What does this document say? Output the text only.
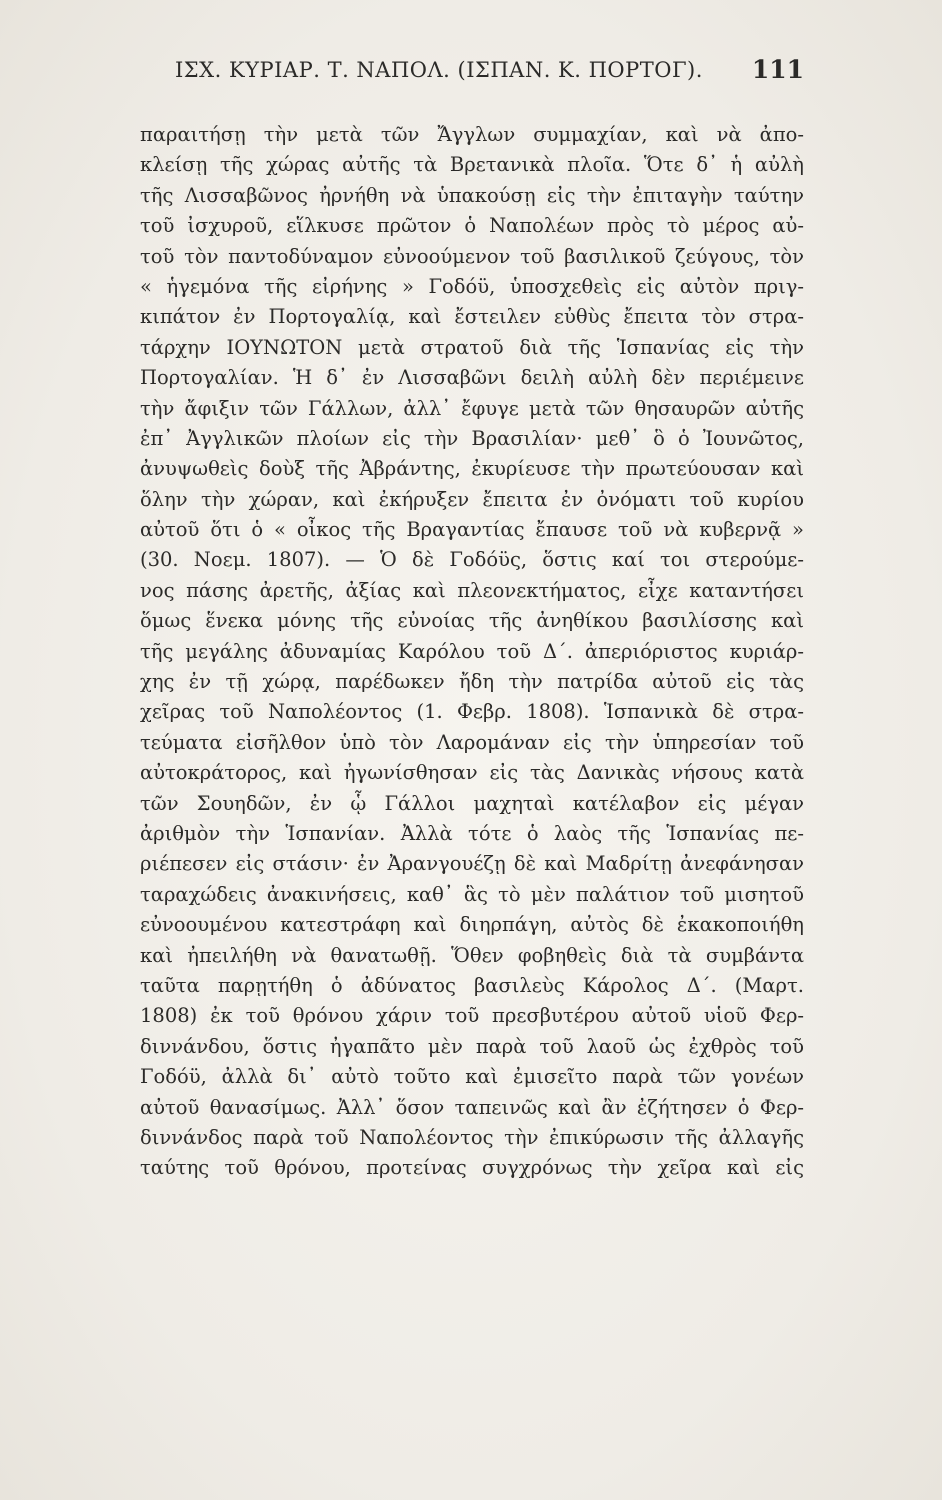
ΙΣΧ. ΚΥΡΙΑΡ. Τ. ΝΑΠΟΛ. (ΙΣΠΑΝ. Κ. ΠΟΡΤΟΓ). 111
παραιτήσῃ τὴν μετὰ τῶν Ἄγγλων συμμαχίαν, καὶ νὰ ἀπο-
κλείσῃ τῆς χώρας αὐτῆς τὰ Βρετανικὰ πλοῖα. Ὅτε δ᾽ ἡ αὐλὴ
τῆς Λισσαβῶνος ἠρνήθη νὰ ὑπακούσῃ εἰς τὴν ἐπιταγὴν ταύτην
τοῦ ἰσχυροῦ, εἵλκυσε πρῶτον ὁ Ναπολέων πρὸς τὸ μέρος αὐ-
τοῦ τὸν παντοδύναμον εὐνοούμενον τοῦ βασιλικοῦ ζεύγους, τὸν
« ἡγεμόνα τῆς εἰρήνης » Γοδόϋ, ὑποσχεθεὶς εἰς αὐτὸν πριγ-
κιπάτον ἐν Πορτογαλίᾳ, καὶ ἔστειλεν εὐθὺς ἔπειτα τὸν στρα-
τάρχην ΙΟΥΝΩΤΟΝ μετὰ στρατοῦ διὰ τῆς Ἱσπανίας εἰς τὴν
Πορτογαλίαν. Ἡ δ᾽ ἐν Λισσαβῶνι δειλὴ αὐλὴ δὲν περιέμεινε
τὴν ἄφιξιν τῶν Γάλλων, ἀλλ᾽ ἔφυγε μετὰ τῶν θησαυρῶν αὐτῆς
ἐπ᾽ Ἀγγλικῶν πλοίων εἰς τὴν Βρασιλίαν· μεθ᾽ ὃ ὁ Ἰουνῶτος,
ἀνυψωθεὶς δοὺξ τῆς Ἀβράντης, ἐκυρίευσε τὴν πρωτεύουσαν καὶ
ὅλην τὴν χώραν, καὶ ἐκήρυξεν ἔπειτα ἐν ὀνόματι τοῦ κυρίου
αὐτοῦ ὅτι ὁ « οἶκος τῆς Βραγαντίας ἔπαυσε τοῦ νὰ κυβερνᾷ »
(30. Νοεμ. 1807). — Ὁ δὲ Γοδόϋς, ὅστις καί τοι στερούμε-
νος πάσης ἀρετῆς, ἀξίας καὶ πλεονεκτήματος, εἶχε καταντήσει
ὅμως ἕνεκα μόνης τῆς εὐνοίας τῆς ἀνηθίκου βασιλίσσης καὶ
τῆς μεγάλης ἀδυναμίας Καρόλου τοῦ Δ΄. ἀπεριόριστος κυριάρ-
χης ἐν τῇ χώρᾳ, παρέδωκεν ἤδη τὴν πατρίδα αὐτοῦ εἰς τὰς
χεῖρας τοῦ Ναπολέοντος (1. Φεβρ. 1808). Ἱσπανικὰ δὲ στρα-
τεύματα εἰσῆλθον ὑπὸ τὸν Λαρομάναν εἰς τὴν ὑπηρεσίαν τοῦ
αὐτοκράτορος, καὶ ἠγωνίσθησαν εἰς τὰς Δανικὰς νήσους κατὰ
τῶν Σουηδῶν, ἐν ᾧ Γάλλοι μαχηταὶ κατέλαβον εἰς μέγαν
ἀριθμὸν τὴν Ἱσπανίαν. Ἀλλὰ τότε ὁ λαὸς τῆς Ἱσπανίας πε-
ριέπεσεν εἰς στάσιν· ἐν Ἀρανγουέζῃ δὲ καὶ Μαδρίτῃ ἀνεφάνησαν
ταραχώδεις ἀνακινήσεις, καθ᾽ ἃς τὸ μὲν παλάτιον τοῦ μισητοῦ
εὐνοουμένου κατεστράφη καὶ διηρπάγη, αὐτὸς δὲ ἐκακοποιήθη
καὶ ἠπειλήθη νὰ θανατωθῇ. Ὅθεν φοβηθεὶς διὰ τὰ συμβάντα
ταῦτα παρῃτήθη ὁ ἀδύνατος βασιλεὺς Κάρολος Δ΄. (Μαρτ.
1808) ἐκ τοῦ θρόνου χάριν τοῦ πρεσβυτέρου αὐτοῦ υἱοῦ Φερ-
διννάνδου, ὅστις ἠγαπᾶτο μὲν παρὰ τοῦ λαοῦ ὡς ἐχθρὸς τοῦ
Γοδόϋ, ἀλλὰ δι᾽ αὐτὸ τοῦτο καὶ ἐμισεῖτο παρὰ τῶν γονέων
αὐτοῦ θανασίμως. Ἀλλ᾽ ὅσον ταπεινῶς καὶ ἂν ἐζήτησεν ὁ Φερ-
διννάνδος παρὰ τοῦ Ναπολέοντος τὴν ἐπικύρωσιν τῆς ἀλλαγῆς
ταύτης τοῦ θρόνου, προτείνας συγχρόνως τὴν χεῖρα καὶ εἰς
